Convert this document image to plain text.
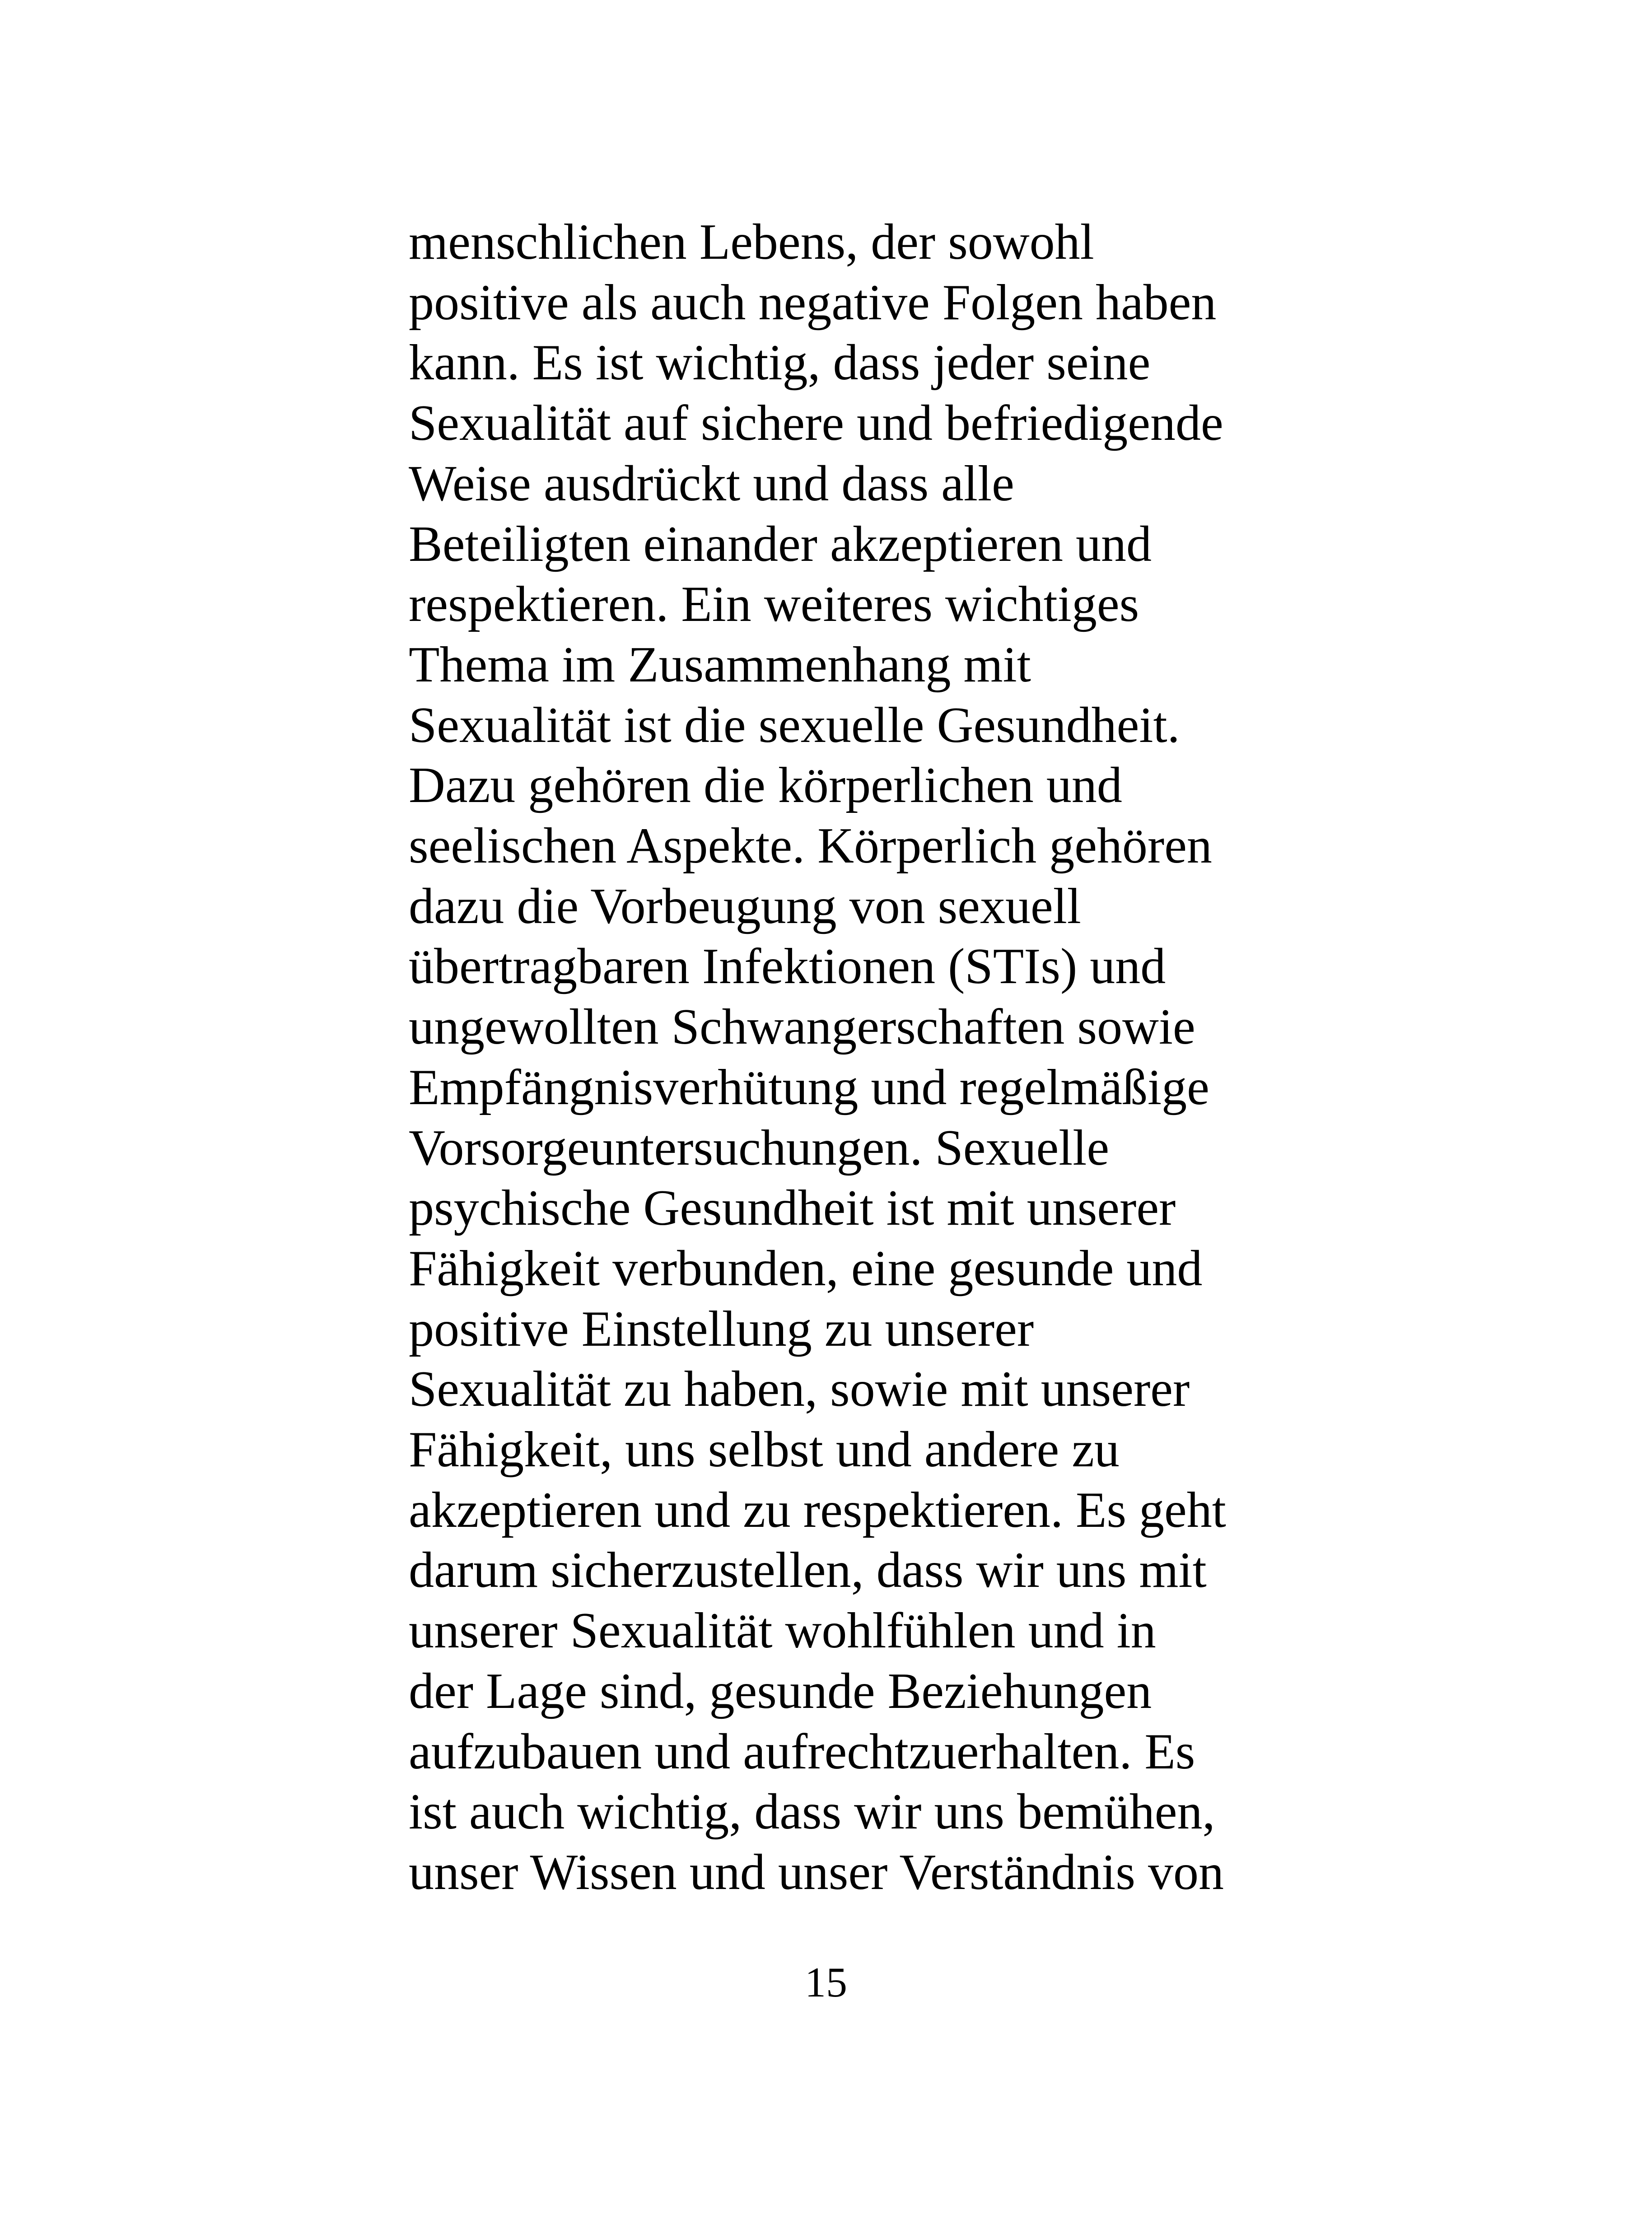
menschlichen Lebens, der sowohl
positive als auch negative Folgen haben
kann. Es ist wichtig, dass jeder seine
Sexualität auf sichere und befriedigende
Weise ausdrückt und dass alle
Beteiligten einander akzeptieren und
respektieren. Ein weiteres wichtiges
Thema im Zusammenhang mit
Sexualität ist die sexuelle Gesundheit.
Dazu gehören die körperlichen und
seelischen Aspekte. Körperlich gehören
dazu die Vorbeugung von sexuell
übertragbaren Infektionen (STIs) und
ungewollten Schwangerschaften sowie
Empfängnisverhütung und regelmäßige
Vorsorgeuntersuchungen. Sexuelle
psychische Gesundheit ist mit unserer
Fähigkeit verbunden, eine gesunde und
positive Einstellung zu unserer
Sexualität zu haben, sowie mit unserer
Fähigkeit, uns selbst und andere zu
akzeptieren und zu respektieren. Es geht
darum sicherzustellen, dass wir uns mit
unserer Sexualität wohlfühlen und in
der Lage sind, gesunde Beziehungen
aufzubauen und aufrechtzuerhalten. Es
ist auch wichtig, dass wir uns bemühen,
unser Wissen und unser Verständnis von
15
